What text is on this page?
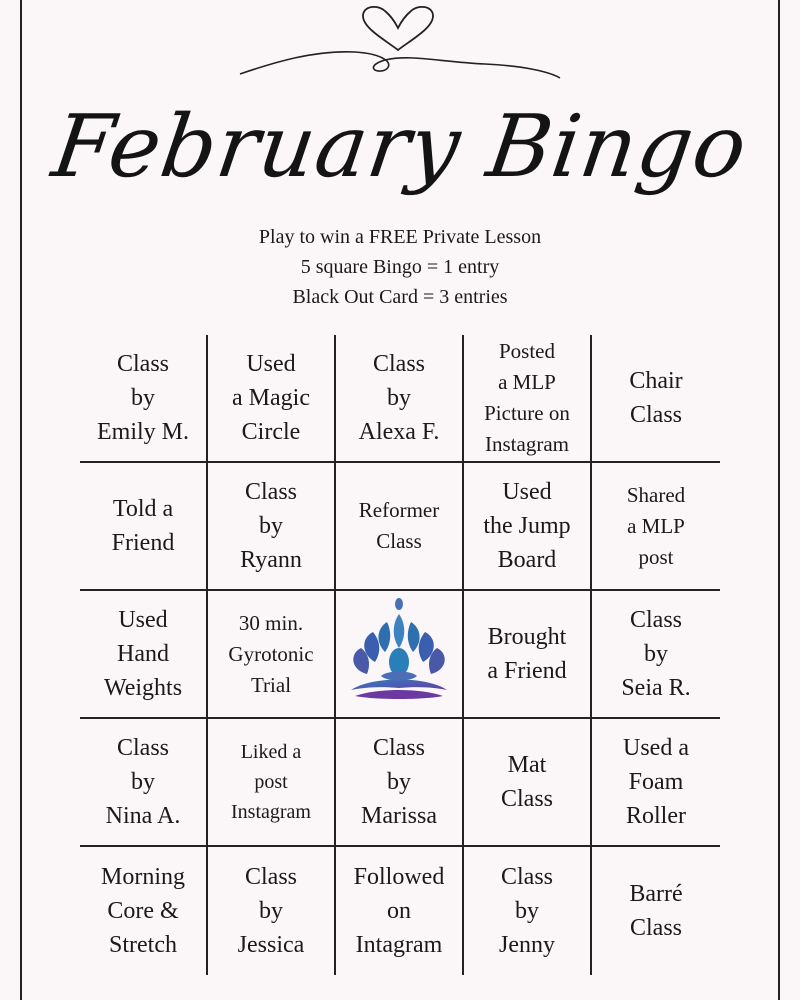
February Bingo
Play to win a FREE Private Lesson
5 square Bingo = 1 entry
Black Out Card = 3 entries
Class
by
Emily M.
Used
a Magic
Circle
Class
by
Alexa F.
Posted
a MLP
Picture on
Instagram
Chair
Class
Told a
Friend
Class
by
Ryann
Reformer
Class
Used
the Jump
Board
Shared
a MLP
post
Used
Hand
Weights
30 min.
Gyrotonic
Trial
Brought
a Friend
Class
by
Seia R.
Class
by
Nina A.
Liked a
post
Instagram
Class
by
Marissa
Mat
Class
Used a
Foam
Roller
Morning
Core &
Stretch
Class
by
Jessica
Followed
on
Intagram
Class
by
Jenny
Barré
Class
